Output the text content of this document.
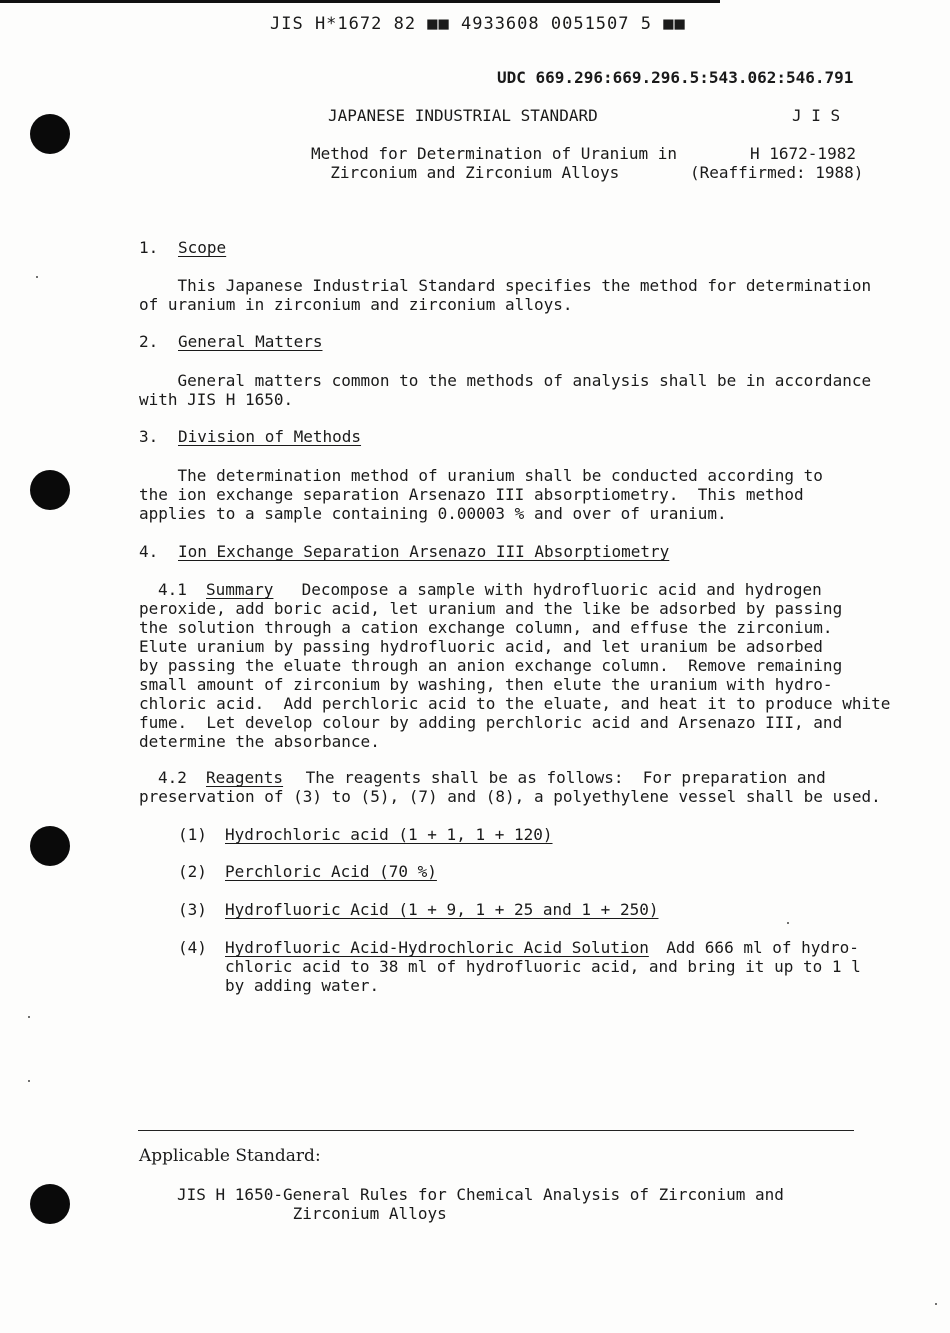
JIS H*1672 82 ■■ 4933608 0051507 5 ■■
UDC 669.296:669.296.5:543.062:546.791
JAPANESE INDUSTRIAL STANDARD	J I S
Method for Determination of Uranium in
Zirconium and Zirconium Alloys
H 1672-1982
(Reaffirmed: 1988)
1. Scope
This Japanese Industrial Standard specifies the method for determination
of uranium in zirconium and zirconium alloys.
2. General Matters
General matters common to the methods of analysis shall be in accordance
with JIS H 1650.
3. Division of Methods
The determination method of uranium shall be conducted according to
the ion exchange separation Arsenazo III absorptiometry.  This method
applies to a sample containing 0.00003 % and over of uranium.
4. Ion Exchange Separation Arsenazo III Absorptiometry
4.1 Summary Decompose a sample with hydrofluoric acid and hydrogen
peroxide, add boric acid, let uranium and the like be adsorbed by passing
the solution through a cation exchange column, and effuse the zirconium.
Elute uranium by passing hydrofluoric acid, and let uranium be adsorbed
by passing the eluate through an anion exchange column.  Remove remaining
small amount of zirconium by washing, then elute the uranium with hydro-
chloric acid.  Add perchloric acid to the eluate, and heat it to produce white
fume.  Let develop colour by adding perchloric acid and Arsenazo III, and
determine the absorbance.
4.2 Reagents The reagents shall be as follows:  For preparation and
preservation of (3) to (5), (7) and (8), a polyethylene vessel shall be used.
(1) Hydrochloric acid (1 + 1, 1 + 120)
(2) Perchloric Acid (70 %)
(3) Hydrofluoric Acid (1 + 9, 1 + 25 and 1 + 250)
(4) Hydrofluoric Acid-Hydrochloric Acid Solution
Add 666 ml of hydro-
chloric acid to 38 ml of hydrofluoric acid, and bring it up to 1 l
by adding water.
Applicable Standard:
JIS H 1650-General Rules for Chemical Analysis of Zirconium and
Zirconium Alloys
